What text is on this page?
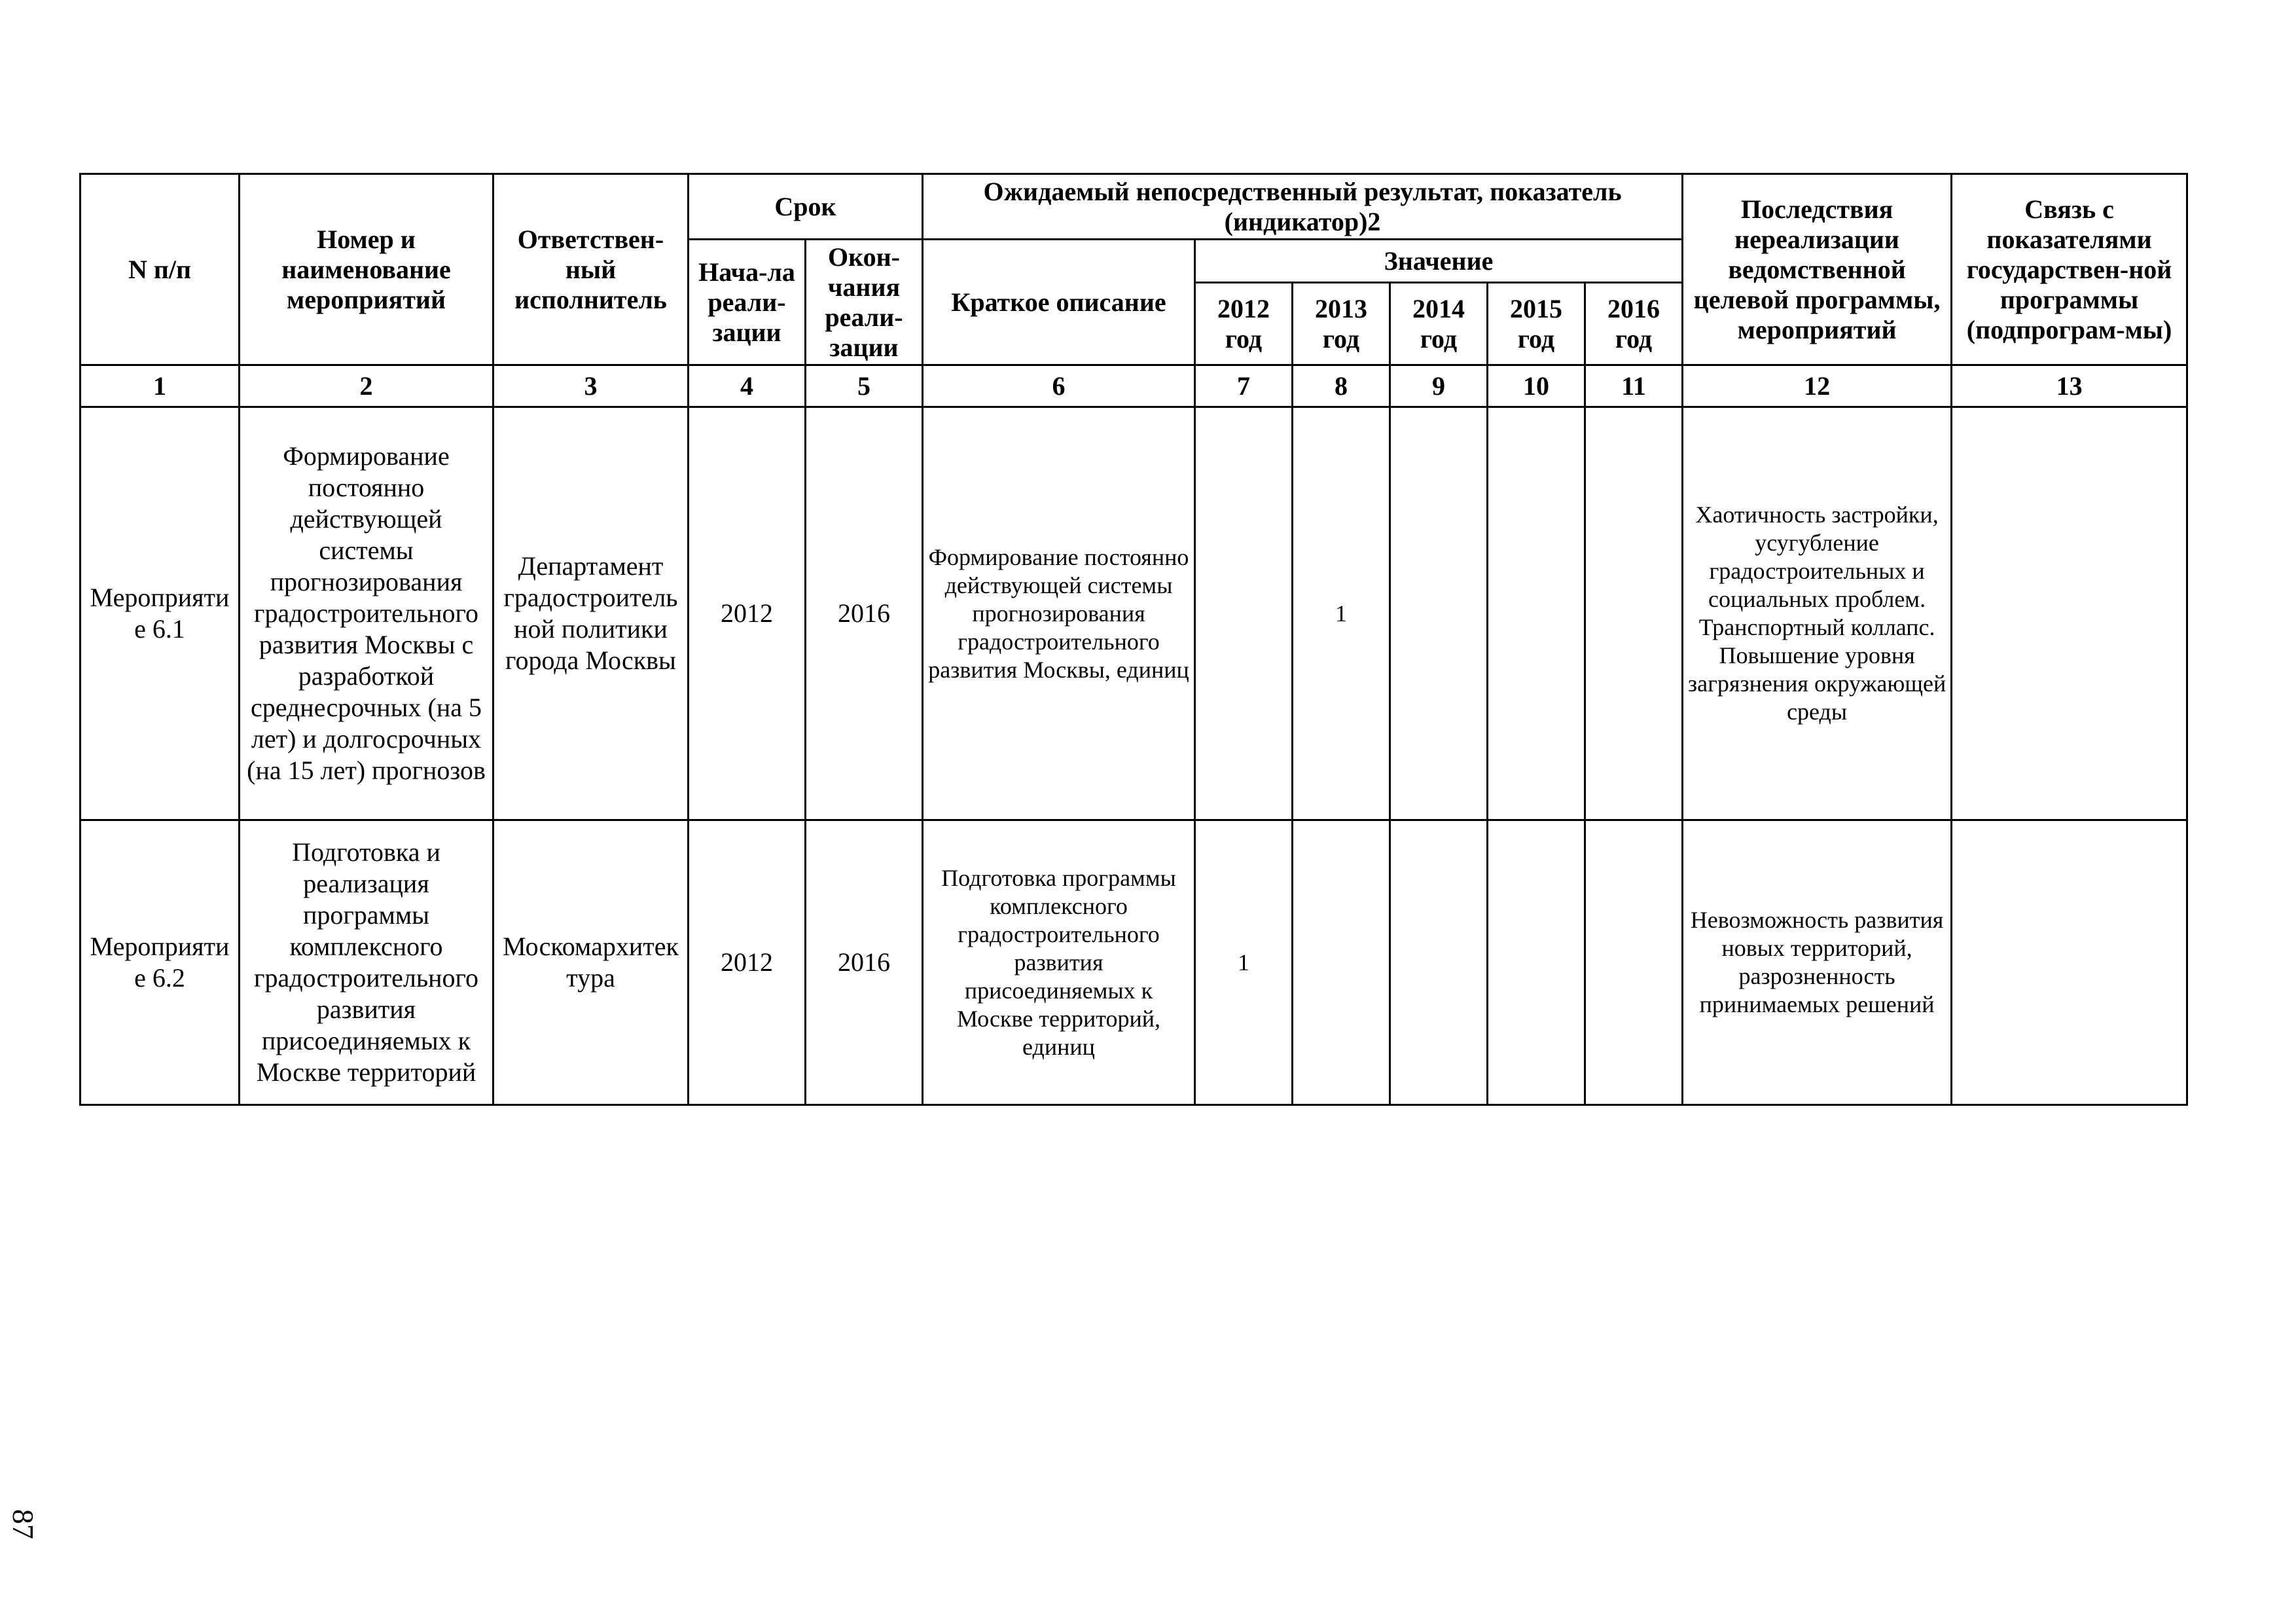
N п/п	Номер и наименование мероприятий	Ответствен-ный исполнитель	Срок		Ожидаемый непосредственный результат, показатель (индикатор)2						Последствия нереализации ведомственной целевой программы, мероприятий	Связь с показателями государствен-ной программы (подпрограм-мы)
			Нача-ла реали-зации	Окон-чания реали-зации	Краткое описание	Значение						
						2012 год	2013 год	2014 год	2015 год	2016 год		
1	2	3	4	5	6	7	8	9	10	11	12	13
Мероприятие 6.1	Формирование постоянно действующей системы прогнозирования градостроительного развития Москвы с разработкой среднесрочных (на 5 лет) и долгосрочных (на 15 лет) прогнозов	Департамент градостроительной политики города Москвы	2012	2016	Формирование постоянно действующей системы прогнозирования градостроительного развития Москвы, единиц		1				Хаотичность застройки, усугубление градостроительных и социальных проблем. Транспортный коллапс. Повышение уровня загрязнения окружающей среды	
Мероприятие 6.2	Подготовка и реализация программы комплексного градостроительного развития присоединяемых к Москве территорий	Москомархитектура	2012	2016	Подготовка программы комплексного градостроительного развития присоединяемых к Москве территорий, единиц	1					Невозможность развития новых территорий, разрозненность принимаемых решений	
87
